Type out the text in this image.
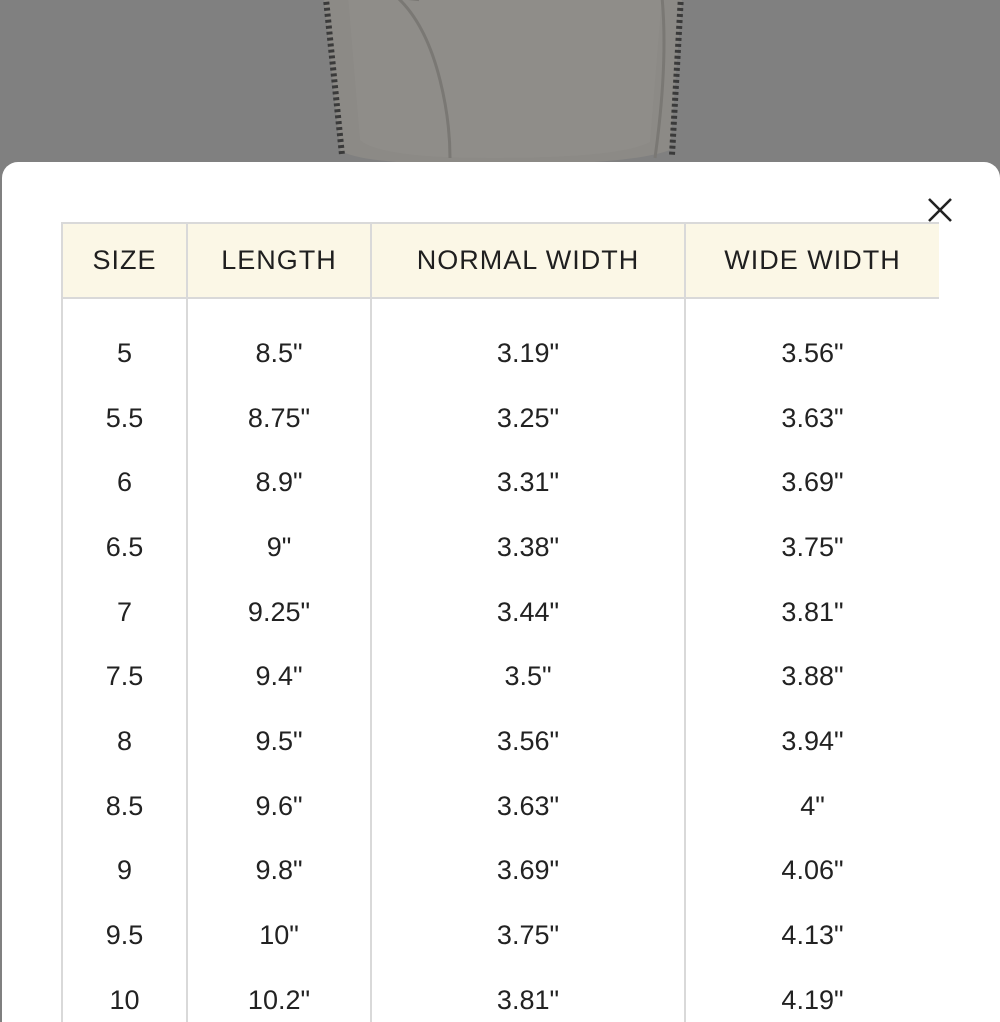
SIZE	LENGTH	NORMAL WIDTH	WIDE WIDTH
5	8.5"	3.19"	3.56"
5.5	8.75"	3.25"	3.63"
6	8.9"	3.31"	3.69"
6.5	9"	3.38"	3.75"
7	9.25"	3.44"	3.81"
7.5	9.4"	3.5"	3.88"
8	9.5"	3.56"	3.94"
8.5	9.6"	3.63"	4"
9	9.8"	3.69"	4.06"
9.5	10"	3.75"	4.13"
10	10.2"	3.81"	4.19"
